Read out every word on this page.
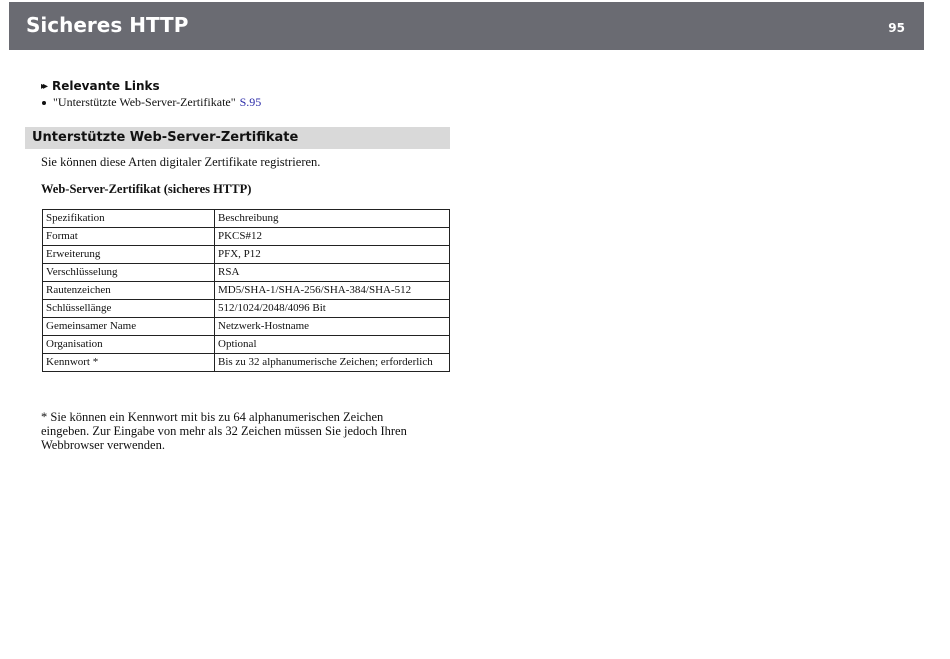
Sicheres HTTP	95
▸▸ Relevante Links
"Unterstützte Web-Server-Zertifikate" S.95
Unterstützte Web-Server-Zertifikate
Sie können diese Arten digitaler Zertifikate registrieren.
Web-Server-Zertifikat (sicheres HTTP)
Spezifikation	Beschreibung
Format	PKCS#12
Erweiterung	PFX, P12
Verschlüsselung	RSA
Rautenzeichen	MD5/SHA-1/SHA-256/SHA-384/SHA-512
Schlüssellänge	512/1024/2048/4096 Bit
Gemeinsamer Name	Netzwerk-Hostname
Organisation	Optional
Kennwort *	Bis zu 32 alphanumerische Zeichen; erforderlich
* Sie können ein Kennwort mit bis zu 64 alphanumerischen Zeichen
eingeben. Zur Eingabe von mehr als 32 Zeichen müssen Sie jedoch Ihren
Webbrowser verwenden.
